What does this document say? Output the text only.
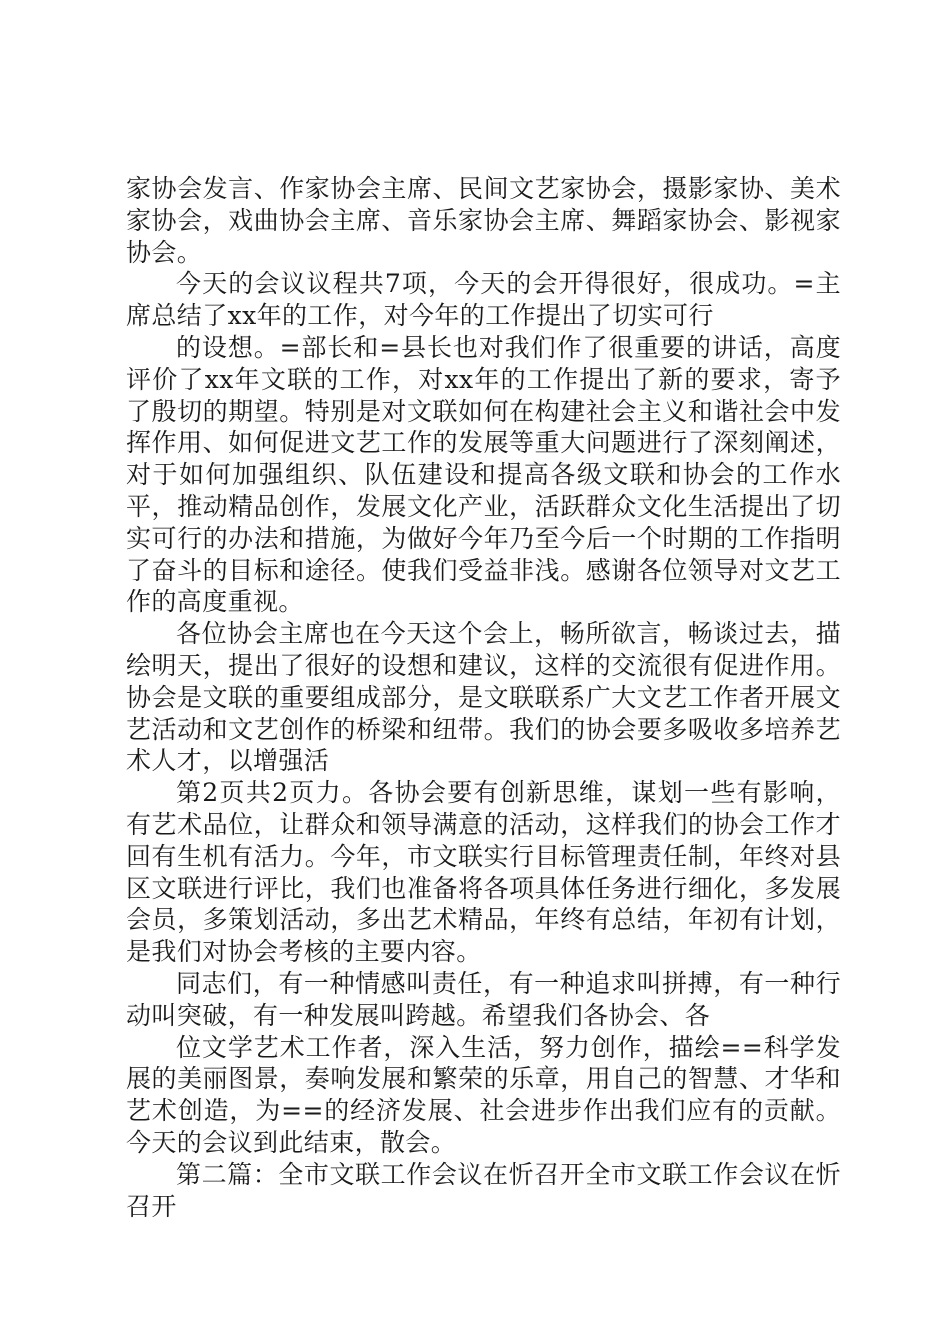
家协会发言、作家协会主席、民间文艺家协会，摄影家协、美术家协会，戏曲协会主席、音乐家协会主席、舞蹈家协会、影视家协会。

今天的会议议程共7项，今天的会开得很好，很成功。=主席总结了xx年的工作，对今年的工作提出了切实可行

的设想。=部长和=县长也对我们作了很重要的讲话，高度评价了xx年文联的工作，对xx年的工作提出了新的要求，寄予了殷切的期望。特别是对文联如何在构建社会主义和谐社会中发挥作用、如何促进文艺工作的发展等重大问题进行了深刻阐述，对于如何加强组织、队伍建设和提高各级文联和协会的工作水平，推动精品创作，发展文化产业，活跃群众文化生活提出了切实可行的办法和措施，为做好今年乃至今后一个时期的工作指明了奋斗的目标和途径。使我们受益非浅。感谢各位领导对文艺工作的高度重视。

各位协会主席也在今天这个会上，畅所欲言，畅谈过去，描绘明天，提出了很好的设想和建议，这样的交流很有促进作用。协会是文联的重要组成部分，是文联联系广大文艺工作者开展文艺活动和文艺创作的桥梁和纽带。我们的协会要多吸收多培养艺术人才，以增强活

第2页共2页力。各协会要有创新思维，谋划一些有影响，有艺术品位，让群众和领导满意的活动，这样我们的协会工作才回有生机有活力。今年，市文联实行目标管理责任制，年终对县区文联进行评比，我们也准备将各项具体任务进行细化，多发展会员，多策划活动，多出艺术精品，年终有总结，年初有计划，是我们对协会考核的主要内容。

同志们，有一种情感叫责任，有一种追求叫拼搏，有一种行动叫突破，有一种发展叫跨越。希望我们各协会、各

位文学艺术工作者，深入生活，努力创作，描绘==科学发展的美丽图景，奏响发展和繁荣的乐章，用自己的智慧、才华和艺术创造，为==的经济发展、社会进步作出我们应有的贡献。今天的会议到此结束，散会。

第二篇：全市文联工作会议在忻召开全市文联工作会议在忻召开
